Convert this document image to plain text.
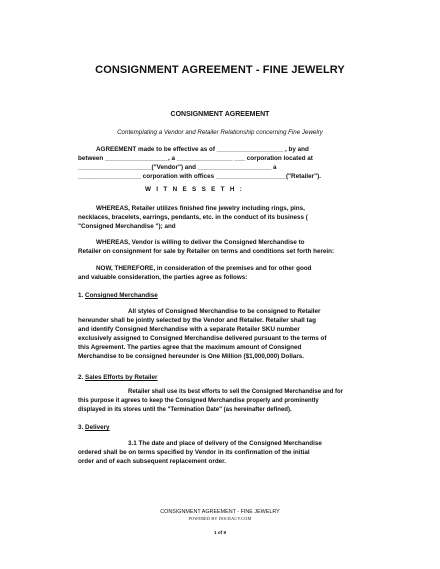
CONSIGNMENT AGREEMENT - FINE JEWELRY
CONSIGNMENT AGREEMENT
Contemplating a Vendor and Retailer Relationship concerning Fine Jewelry

AGREEMENT made to be effective as of ___________________ , by and

between __________________, a ________________ ___ corporation located at

_____________________("Vendor") and _____________________ a

__________________ corporation with offices ____________________("Retailer").

W I T N E S S E T H :

WHEREAS, Retailer utilizes finished fine jewelry including rings, pins,

necklaces, bracelets, earrings, pendants, etc. in the conduct of its business (

"Consigned Merchandise "); and

WHEREAS, Vendor is willing to deliver the Consigned Merchandise to

Retailer on consignment for sale by Retailer on terms and conditions set forth herein:

NOW, THEREFORE, in consideration of the premises and for other good

and valuable consideration, the parties agree as follows:

1. Consigned Merchandise

All styles of Consigned Merchandise to be consigned to Retailer

hereunder shall be jointly selected by the Vendor and Retailer. Retailer shall tag

and identify Consigned Merchandise with a separate Retailer SKU number

exclusively assigned to Consigned Merchandise delivered pursuant to the terms of

this Agreement. The parties agree that the maximum amount of Consigned

Merchandise to be consigned hereunder is One Million ($1,000,000) Dollars.

2. Sales Efforts by Retailer

Retailer shall use its best efforts to sell the Consigned Merchandise and for

this purpose it agrees to keep the Consigned Merchandise properly and prominently

displayed in its stores until the "Termination Date" (as hereinafter defined).

3. Delivery

3.1 The date and place of delivery of the Consigned Merchandise

ordered shall be on terms specified by Vendor in its confirmation of the initial

order and of each subsequent replacement order.

CONSIGNMENT AGREEMENT - FINE JEWELRY
POWERED BY DOCRACY.COM
1 of 9
